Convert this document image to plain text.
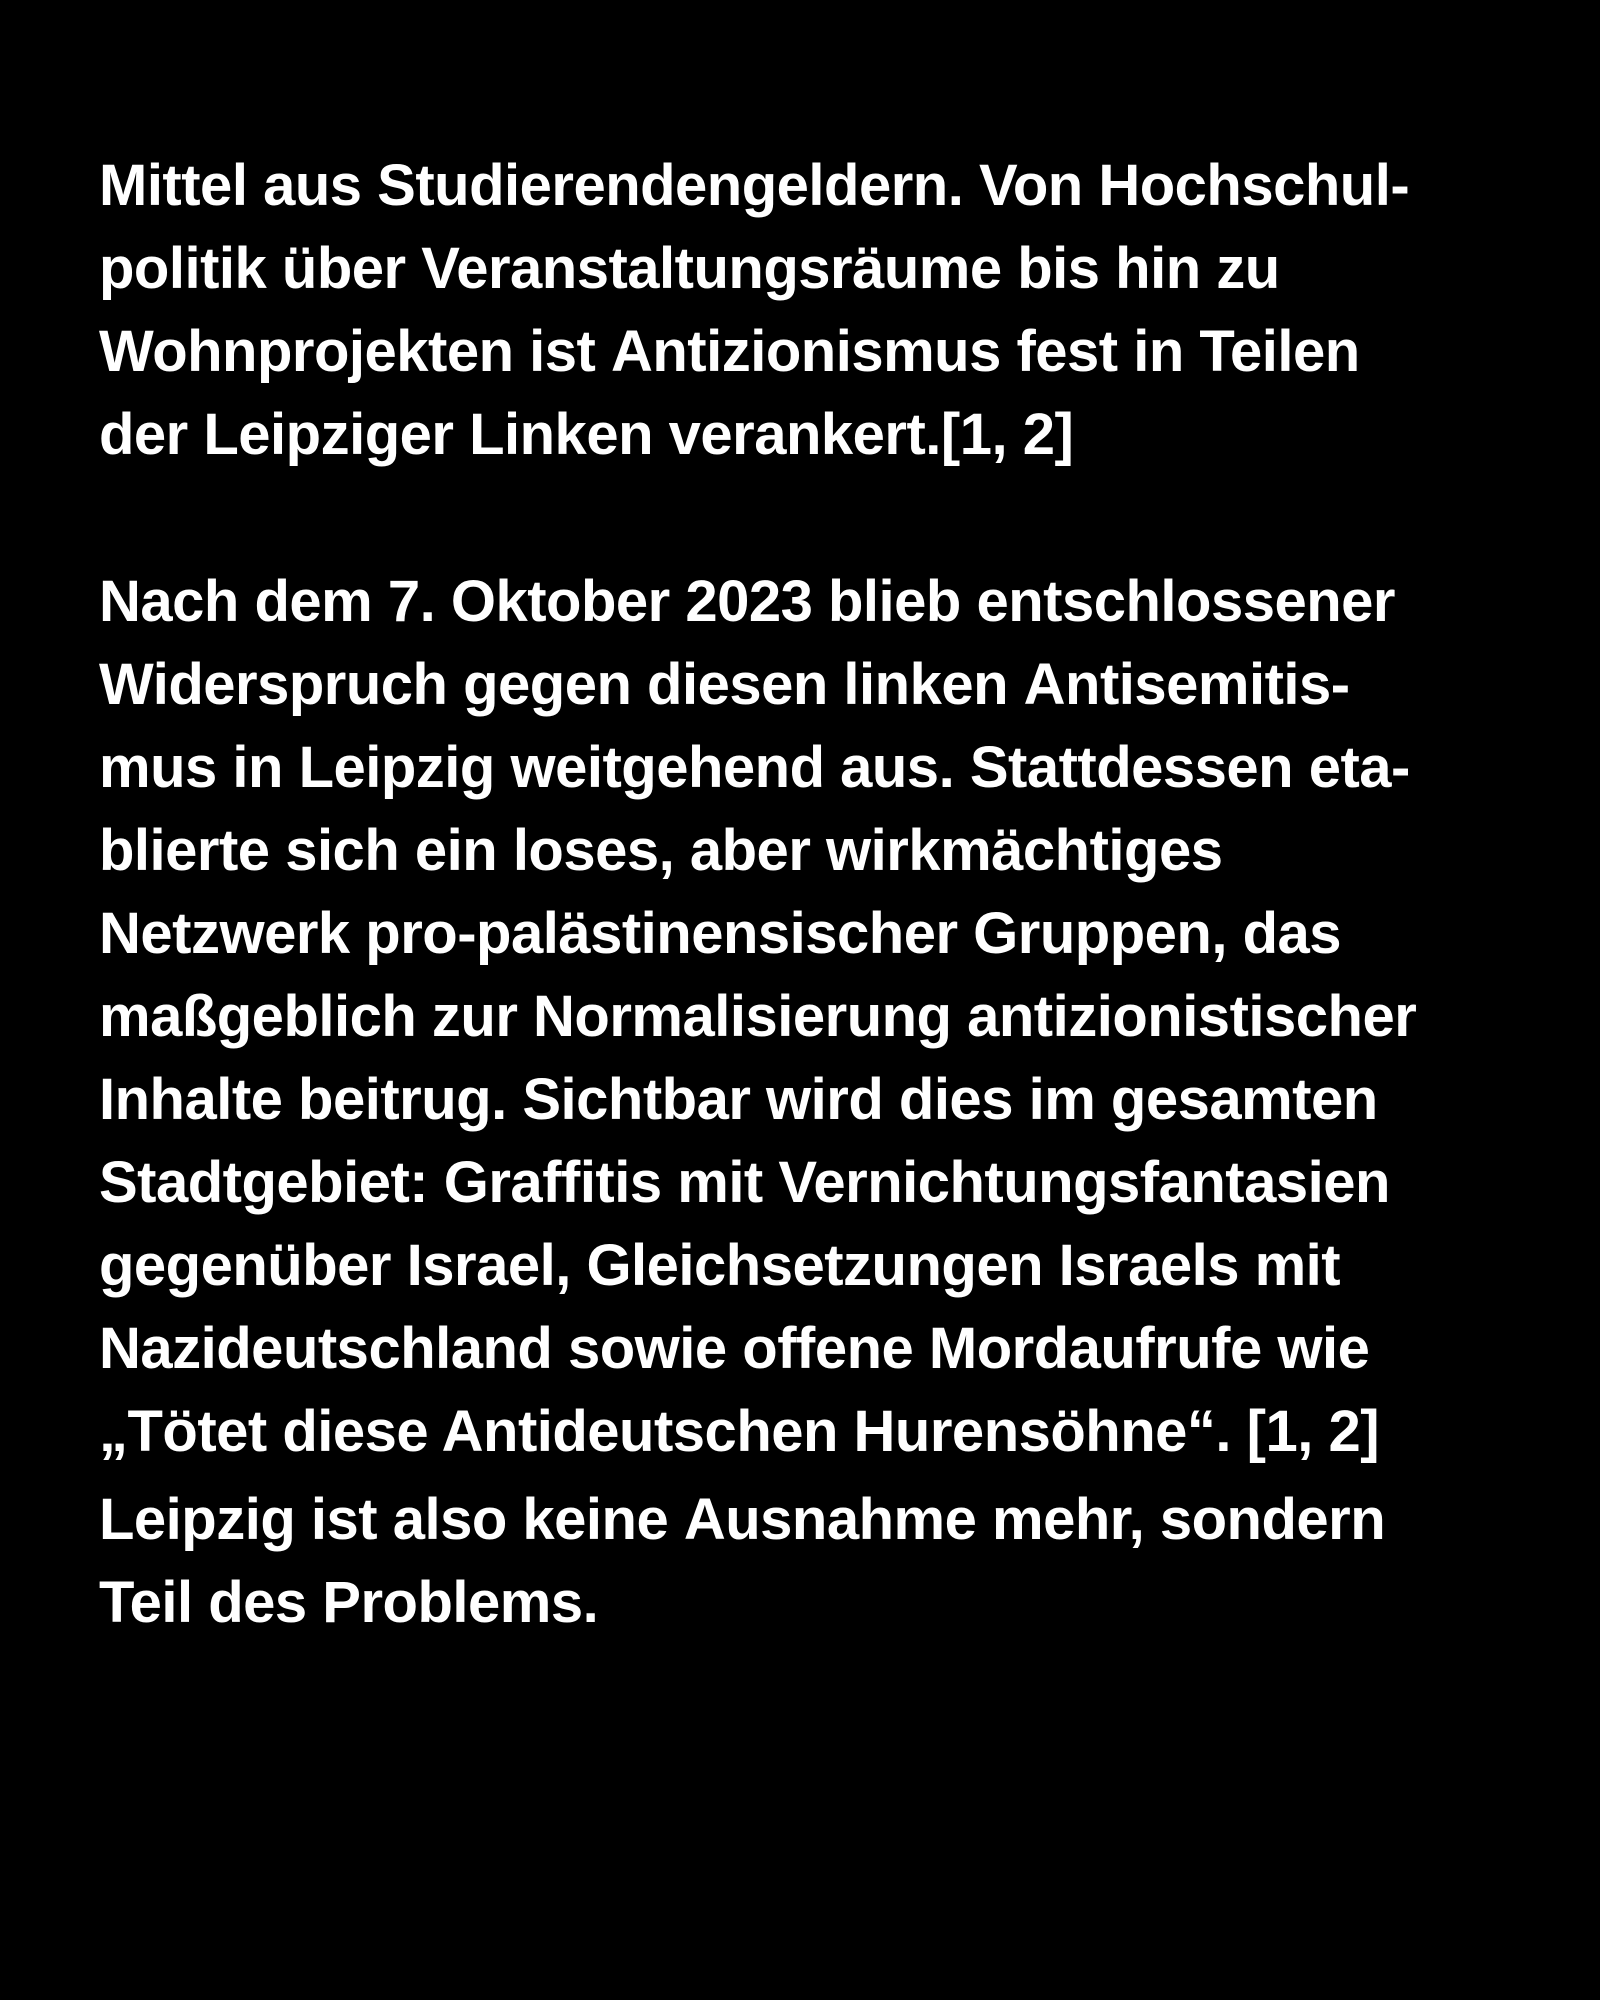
Mittel aus Studierendengeldern. Von Hochschul-
politik über Veranstaltungsräume bis hin zu
Wohnprojekten ist Antizionismus fest in Teilen
der Leipziger Linken verankert.[1, 2]

Nach dem 7. Oktober 2023 blieb entschlossener
Widerspruch gegen diesen linken Antisemitis-
mus in Leipzig weitgehend aus. Stattdessen eta-
blierte sich ein loses, aber wirkmächtiges
Netzwerk pro-palästinensischer Gruppen, das
maßgeblich zur Normalisierung antizionistischer
Inhalte beitrug. Sichtbar wird dies im gesamten
Stadtgebiet: Graffitis mit Vernichtungsfantasien
gegenüber Israel, Gleichsetzungen Israels mit
Nazideutschland sowie offene Mordaufrufe wie
„Tötet diese Antideutschen Hurensöhne“. [1, 2]

Leipzig ist also keine Ausnahme mehr, sondern
Teil des Problems.
